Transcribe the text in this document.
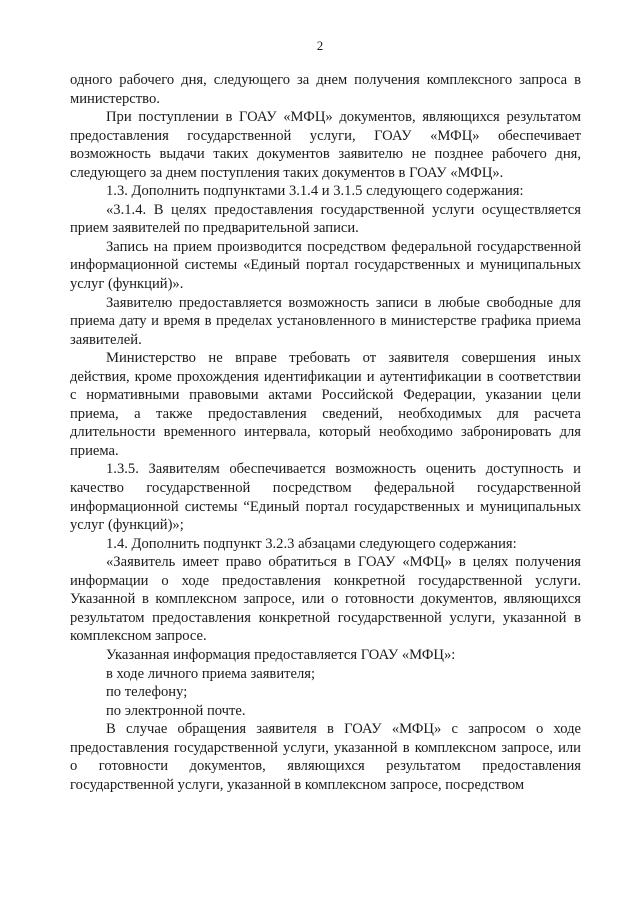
2

одного рабочего дня, следующего за днем получения комплексного запроса в министерство.

При поступлении в ГОАУ «МФЦ» документов, являющихся результатом предоставления государственной услуги, ГОАУ «МФЦ» обеспечивает возможность выдачи таких документов заявителю не позднее рабочего дня, следующего за днем поступления таких документов в ГОАУ «МФЦ».

1.3. Дополнить подпунктами 3.1.4 и 3.1.5 следующего содержания:

«3.1.4. В целях предоставления государственной услуги осуществляется прием заявителей по предварительной записи.

Запись на прием производится посредством федеральной государственной информационной системы «Единый портал государственных и муниципальных услуг (функций)».

Заявителю предоставляется возможность записи в любые свободные для приема дату и время в пределах установленного в министерстве графика приема заявителей.

Министерство не вправе требовать от заявителя совершения иных действия, кроме прохождения идентификации и аутентификации в соответствии с нормативными правовыми актами Российской Федерации, указании цели приема, а также предоставления сведений, необходимых для расчета длительности временного интервала, который необходимо забронировать для приема.

1.3.5. Заявителям обеспечивается возможность оценить доступность и качество государственной посредством федеральной государственной информационной системы “Единый портал государственных и муниципальных услуг (функций)»;

1.4. Дополнить подпункт 3.2.3 абзацами следующего содержания:

«Заявитель имеет право обратиться в ГОАУ «МФЦ» в целях получения информации о ходе предоставления конкретной государственной услуги. Указанной в комплексном запросе, или о готовности документов, являющихся результатом предоставления конкретной государственной услуги, указанной в комплексном запросе.

Указанная информация предоставляется ГОАУ «МФЦ»:

в ходе личного приема заявителя;

по телефону;

по электронной почте.

В случае обращения заявителя в ГОАУ «МФЦ» с запросом о ходе предоставления государственной услуги, указанной в комплексном запросе, или о готовности документов, являющихся результатом предоставления государственной услуги, указанной в комплексном запросе, посредством
